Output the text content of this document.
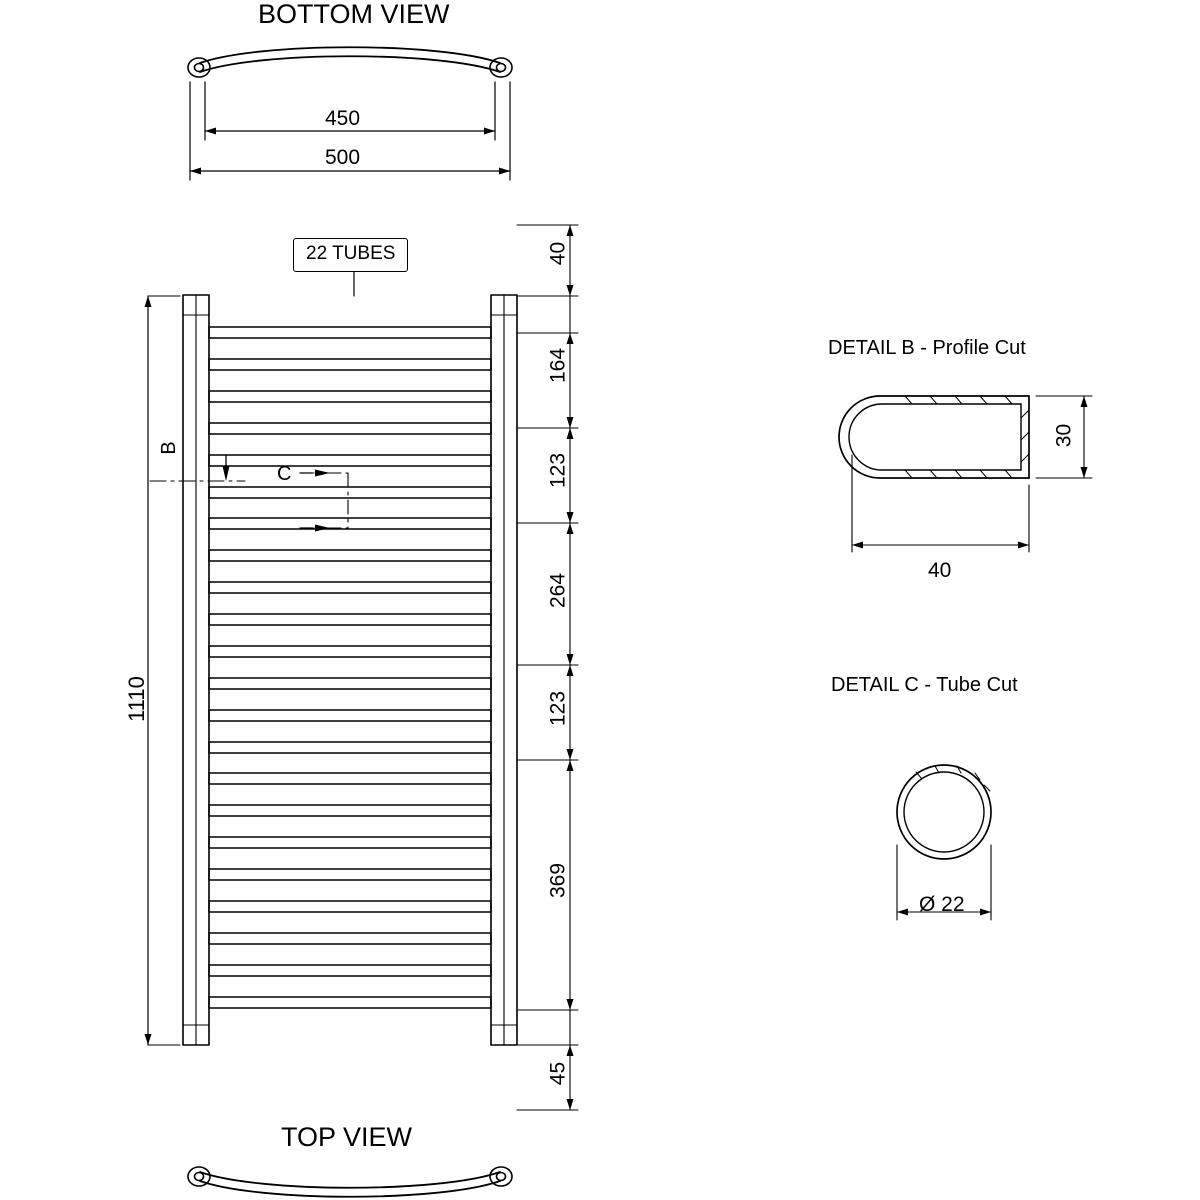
BOTTOM VIEW
450
500
22 TUBES	40
164
123
264
123
369
45
1110
B
C
DETAIL B - Profile Cut
30
40
DETAIL C - Tube Cut
Ø 22
TOP VIEW
